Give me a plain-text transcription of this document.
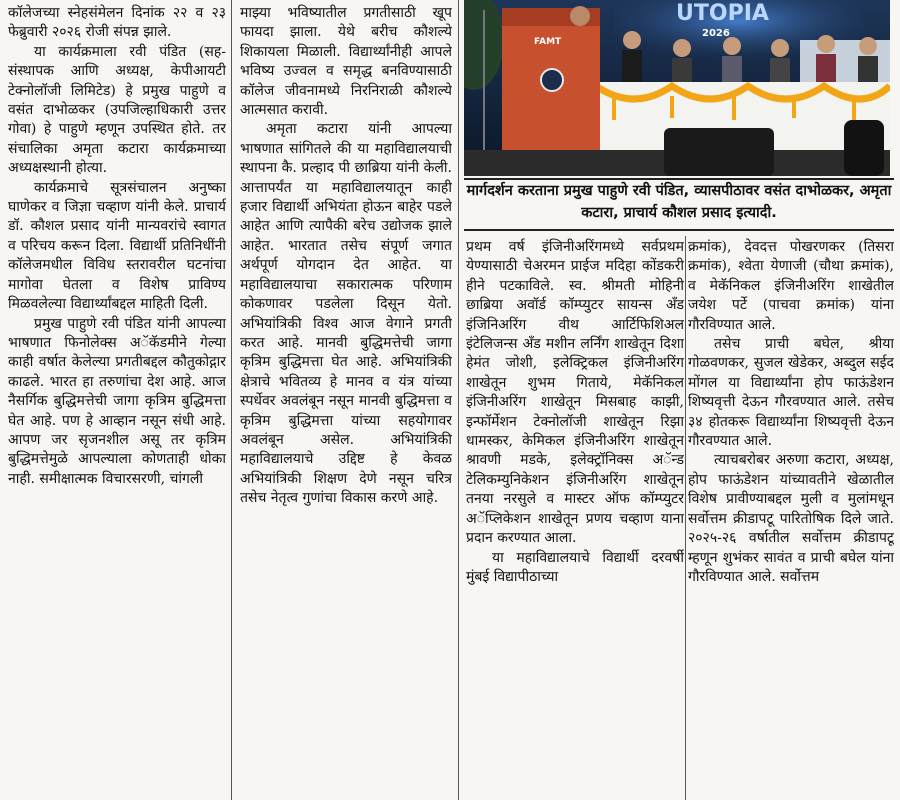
कॉलेजच्या स्नेहसंमेलन दिनांक २२ व २३ फेब्रुवारी २०२६ रोजी संपन्न झाले.

या कार्यक्रमाला रवी पंडित (सह-संस्थापक आणि अध्यक्ष, केपीआयटी टेक्नोलॉजी लिमिटेड) हे प्रमुख पाहुणे व वसंत दाभोळकर (उपजिल्हाधिकारी उत्तर गोवा) हे पाहुणे म्हणून उपस्थित होते. तर संचालिका अमृता कटारा कार्यक्रमाच्या अध्यक्षस्थानी होत्या.

कार्यक्रमाचे सूत्रसंचालन अनुष्का घाणेकर व जिज्ञा चव्हाण यांनी केले. प्राचार्य डॉ. कौशल प्रसाद यांनी मान्यवरांचे स्वागत व परिचय करून दिला. विद्यार्थी प्रतिनिधींनी कॉलेजमधील विविध स्तरावरील घटनांचा मागोवा घेतला व विशेष प्राविण्य मिळवलेल्या विद्यार्थ्यांबद्दल माहिती दिली.

प्रमुख पाहुणे रवी पंडित यांनी आपल्या भाषणात फिनोलेक्स अॅकॅडमीने गेल्या काही वर्षात केलेल्या प्रगतीबद्दल कौतुकोद्गार काढले. भारत हा तरुणांचा देश आहे. आज नैसर्गिक बुद्धिमत्तेची जागा कृत्रिम बुद्धिमत्ता घेत आहे. पण हे आव्हान नसून संधी आहे. आपण जर सृजनशील असू तर कृत्रिम बुद्धिमत्तेमुळे आपल्याला कोणताही धोका नाही. समीक्षात्मक विचारसरणी, चांगली

माझ्या भविष्यातील प्रगतीसाठी खूप फायदा झाला. येथे बरीच कौशल्ये शिकायला मिळाली. विद्यार्थ्यांनीही आपले भविष्य उज्वल व समृद्ध बनविण्यासाठी कॉलेज जीवनामध्ये निरनिराळी कौशल्ये आत्मसात करावी.

अमृता कटारा यांनी आपल्या भाषणात सांगितले की या महाविद्यालयाची स्थापना कै. प्रल्हाद पी छाब्रिया यांनी केली. आत्तापर्यंत या महाविद्यालयातून काही हजार विद्यार्थी अभियंता होऊन बाहेर पडले आहेत आणि त्यापैकी बरेच उद्योजक झाले आहेत. भारतात तसेच संपूर्ण जगात अर्थपूर्ण योगदान देत आहेत. या महाविद्यालयाचा सकारात्मक परिणाम कोकणावर पडलेला दिसून येतो. अभियांत्रिकी विश्व आज वेगाने प्रगती करत आहे. मानवी बुद्धिमत्तेची जागा कृत्रिम बुद्धिमत्ता घेत आहे. अभियांत्रिकी क्षेत्राचे भवितव्य हे मानव व यंत्र यांच्या स्पर्धेवर अवलंबून नसून मानवी बुद्धिमत्ता व कृत्रिम बुद्धिमत्ता यांच्या सहयोगावर अवलंबून असेल. अभियांत्रिकी महाविद्यालयाचे उद्दिष्ट हे केवळ अभियांत्रिकी शिक्षण देणे नसून चरित्र तसेच नेतृत्व गुणांचा विकास करणे आहे.

UTOPIA
2026
FAMT
मार्गदर्शन करताना प्रमुख पाहुणे रवी पंडित, व्यासपीठावर वसंत दाभोळकर, अमृता कटारा, प्राचार्य कौशल प्रसाद इत्यादी.

प्रथम वर्ष इंजिनीअरिंगमध्ये सर्वप्रथम येण्यासाठी चेअरमन प्राईज मदिहा कोंडकरी हीने पटकाविले. स्व. श्रीमती मोहिनी छाब्रिया अवॉर्ड कॉम्प्युटर सायन्स अँड इंजिनिअरिंग वीथ आर्टिफिशिअल इंटेलिजन्स अँड मशीन लर्निंग शाखेतून दिशा हेमंत जोशी, इलेक्ट्रिकल इंजिनीअरिंग शाखेतून शुभम गिताये, मेकॅनिकल इंजिनीअरिंग शाखेतून मिसबाह काझी, इन्फॉर्मेशन टेक्नोलॉजी शाखेतून रिझा धामस्कर, केमिकल इंजिनीअरिंग शाखेतून श्रावणी मडके, इलेक्ट्रॉनिक्स अॅन्ड टेलिकम्युनिकेशन इंजिनीअरिंग शाखेतून तनया नरसुले व मास्टर ऑफ कॉम्प्युटर अॅप्लिकेशन शाखेतून प्रणय चव्हाण याना प्रदान करण्यात आला.

या महाविद्यालयाचे विद्यार्थी दरवर्षी मुंबई विद्यापीठाच्या

क्रमांक), देवदत्त पोखरणकर (तिसरा क्रमांक), श्वेता येणाजी (चौथा क्रमांक), व मेकॅनिकल इंजिनीअरिंग शाखेतील जयेश पर्टे (पाचवा क्रमांक) यांना गौरविण्यात आले.

तसेच प्राची बघेल, श्रीया गोळवणकर, सुजल खेडेकर, अब्दुल सईद मोंगल या विद्यार्थ्यांना होप फाऊंडेशन शिष्यवृत्ती देऊन गौरवण्यात आले. तसेच ३४ होतकरू विद्यार्थ्यांना शिष्यवृत्ती देऊन गौरवण्यात आले.

त्याचबरोबर अरुणा कटारा, अध्यक्ष, होप फाऊंडेशन यांच्यावतीने खेळातील विशेष प्रावीण्याबद्दल मुली व मुलांमधून सर्वोत्तम क्रीडापटू पारितोषिक दिले जाते. २०२५-२६ वर्षातील सर्वोत्तम क्रीडापटू म्हणून शुभंकर सावंत व प्राची बघेल यांना गौरविण्यात आले. सर्वोत्तम
